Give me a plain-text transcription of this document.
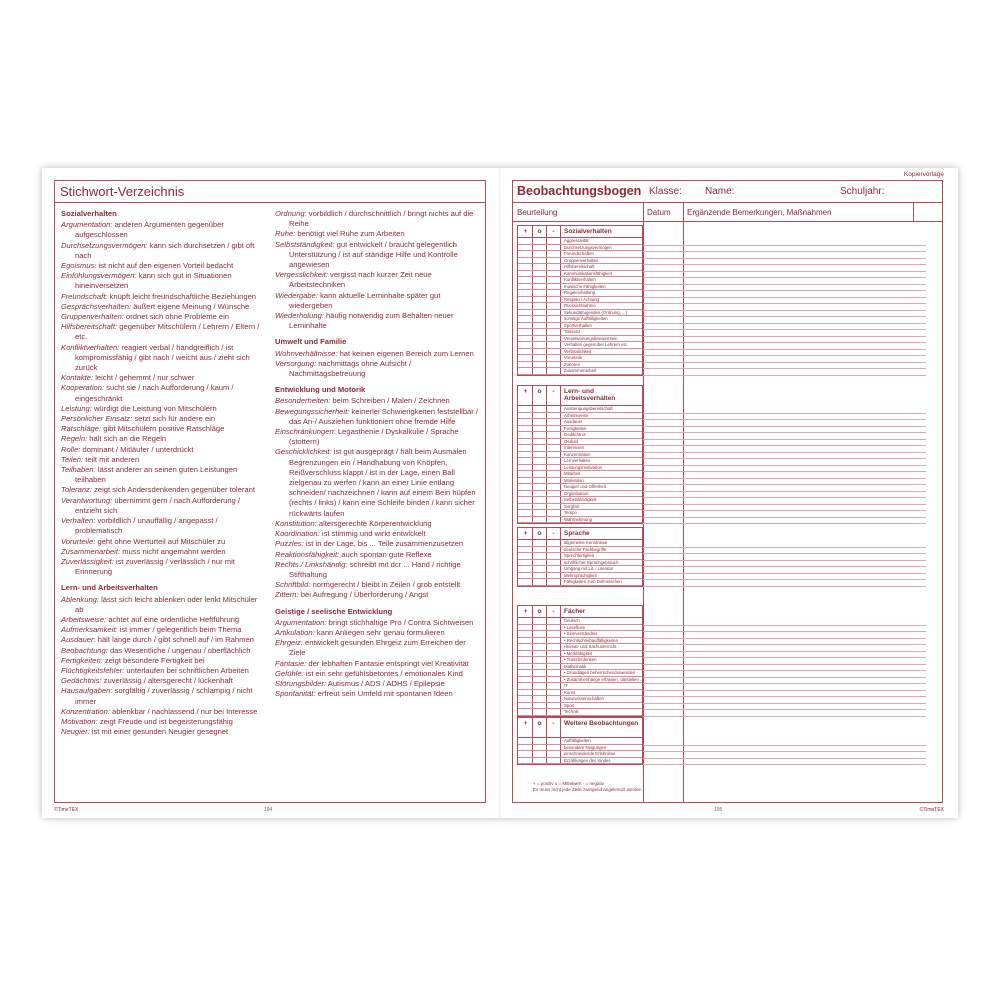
Stichwort-Verzeichnis
Sozialverhalten
Argumentation: anderen Argumenten gegenüber aufgeschlossen
Durchsetzungsvermögen: kann sich durchsetzen / gibt oft nach
Egoismus: ist nicht auf den eigenen Vorteil bedacht
Einfühlungsvermögen: kann sich gut in Situationen hineinversetzen
Freundschaft: knüpft leicht freundschaftliche Beziehungen
Gesprächsverhalten: äußert eigene Meinung / Wünsche
Gruppenverhalten: ordnet sich ohne Probleme ein
Hilfsbereitschaft: gegenüber Mitschülern / Lehrern / Eltern / etc.
Konfliktverhalten: reagiert verbal / handgreiflich / ist kompromissfähig / gibt nach / weicht aus / zieht sich zurück
Kontakte: leicht / gehemmt / nur schwer
Kooperation: sucht sie / nach Aufforderung / kaum / eingeschränkt
Leistung: würdigt die Leistung von Mitschülern
Persönlicher Einsatz: setzt sich für andere ein
Ratschläge: gibt Mitschülern positive Ratschläge
Regeln: hält sich an die Regeln
Rolle: dominant / Mitläufer / unterdrückt
Teilen: teilt mit anderen
Teilhaben: lässt anderer an seinen guten Leistungen teilhaben
Toleranz: zeigt sich Andersdenkenden gegenüber tolerant
Verantwortung: übernimmt gern / nach Aufforderung / entzieht sich
Verhalten: vorbildlich / unauffällig / angepasst / problematisch
Vorurteile: geht ohne Werturteil auf Mitschüler zu
Zusammenarbeit: muss nicht angemahnt werden
Zuverlässigkeit: ist zuverlässig / verlässlich / nur mit Erinnerung
Lern- und Arbeitsverhalten
Ablenkung: lässt sich leicht ablenken oder lenkt Mitschüler ab
Arbeitsweise: achtet auf eine ordentliche Heftführung
Aufmerksamkeit: ist immer / gelegentlich beim Thema
Ausdauer: hält lange durch / gibt schnell auf / im Rahmen
Beobachtung: das Wesentliche / ungenau / oberflächlich
Fertigkeiten: zeigt besondere Fertigkeit bei
Flüchtigkeitsfehler: unterlaufen bei schriftlichen Arbeiten
Gedächtnis: zuverlässig / altersgerecht / lückenhaft
Hausaufgaben: sorgfältig / zuverlässig / schlampig / nicht immer
Konzentration: ablenkbar / nachlassend / nur bei Interesse
Motivation: zeigt Freude und ist begeisterungsfähig
Neugier: ist mit einer gesunden Neugier gesegnet
Ordnung: vorbildlich / durchschnittlich / bringt nichts auf die Reihe
Ruhe: benötigt viel Ruhe zum Arbeiten
Selbstständigkeit: gut entwickelt / braucht gelegentlich Unterstützung / ist auf ständige Hilfe und Kontrolle angewiesen
Vergesslichkeit: vergisst nach kurzer Zeit neue Arbeitstechniken
Wiedergabe: kann aktuelle Lerninhalte später gut wiedergeben
Wiederholung: häufig notwendig zum Behalten neuer Lerninhalte
Umwelt und Familie
Wohnverhältnisse: hat keinen eigenen Bereich zum Lernen
Versorgung: nachmittags ohne Aufsicht / Nachmittagsbetreuung
Entwicklung und Motorik
Besonderheiten: beim Schreiben / Malen / Zeichnen
Bewegungssicherheit: keinerlei Schwierigkeiten feststellbar / das An-/ Ausziehen funktioniert ohne fremde Hilfe
Einschränkungen: Legasthenie / Dyskalkulie / Sprache (stottern)
Geschicklichkeit: ist gut ausgeprägt / hält beim Ausmalen Begrenzungen ein / Handhabung von Knöpfen, Reißverschluss klappt / ist in der Lage, einen Ball zielgenau zu werfen / kann an einer Linie entlang schneiden/ nachzeichnen / kann auf einem Bein hüpfen (rechts / links) / kann eine Schleife binden / kann sicher rückwärts laufen
Konstitution: altersgerechte Körperentwicklung
Koordination: ist stimmig und wirkt entwickelt
Puzzles: ist in der Lage, bis ... Teile zusammenzusetzen
Reaktionsfähigkeit: auch spontan gute Reflexe
Rechts / Linkshändig: schreibt mit dcr ... Hand / richtige Stifthaltung
Schriftbild: normgerecht / bleibt in Zeilen / grob entstellt
Zittern: bei Aufregung / Überforderung / Angst
Geistige / seelische Entwicklung
Argumentation: bringt stichhaltige Pro / Contra Sichtweisen
Artikulation: kann Anliegen sehr genau formulieren
Ehrgeiz: entwickelt gesunden Ehrgeiz zum Erreichen der Ziele
Fantasie: der lebhaften Fantasie entspringt viel Kreativität
Gefühle: ist ein sehr gefühlsbetontes / emotionales Kind
Störungsbilder: Autismus / ADS / ADHS / Epilepsie
Spontanität: erfreut sein Umfeld mit spontanen Ideen
©TimeTEX	194
Kopiervorlage
Beobachtungsbogen Klasse: Name:	Schuljahr:
Beurteilung	Datum Ergänzende Bemerkungen, Maßnahmen
+	o	-	Sozialverhalten
Aggressivität
Durchsetzungsvermögen
Freundschaften
Gruppenverhalten
Hilfsbereitschaft
Kommunikationsfähigkeit
Konfliktverhalten
musische Fähigkeiten
Regeleinhaltung
Respekt / Achtung
Rücksichtnahme
Sekundärtugenden (Ordnung, ...)
sonstige Auffälligkeiten
Sportverhalten
Toleranz
Verantwortungsbewusstsein
Verhalten gegenüber Lehrern etc.
Verlässlichkeit
Vorurteile
Zuhören
Zusammenarbeit
+	o	-	Lern- und Arbeitsverhalten
Anstrengungsbereitschaft
Arbeitsweise
Ausdauer
Fertigkeiten
Gedächtnis
Geduld
Interessen
Konzentration
Lernverhalten
Leistungsmotivation
Mitarbeit
Motivation
Neugier und Offenheit
Organisation
Selbstständigkeit
Sorgfalt
Tempo
Wahrnehmung
+	o	-	Sprache
allgemeine Kenntnisse
deutsche Fachbegriffe
Sprechfertigkeit
schriftlicher Sprachgebrauch
Umgang mit Lit. / Literatur
Mehrsprachigkeit
Fähigkeiten zum Dolmetschen
+	o	-	Fächer
Deutsch
• Lesefluss
• Sinnverständnis
• Rechtschreibauffälligkeiten
Heimat- und Sachunterricht
• Merkfähigkeit
• Transferdenken
Mathematik
• Grundlagen beherrschen/anwenden
• Zusammenhänge erfassen, darstellen ...
IT
Kunst
Naturwissenschaften
Sport
Technik
+	o	-	Weitere Beobachtungen
Auffälligkeiten
besondere Neigungen
einschneidende Erlebnisse
Erzählungen des Kindes
+ = positiv o = Mittelwert - = negativ
Es muss nicht jede Zeile zwingend angekreuzt werden
195	©TimeTEX
